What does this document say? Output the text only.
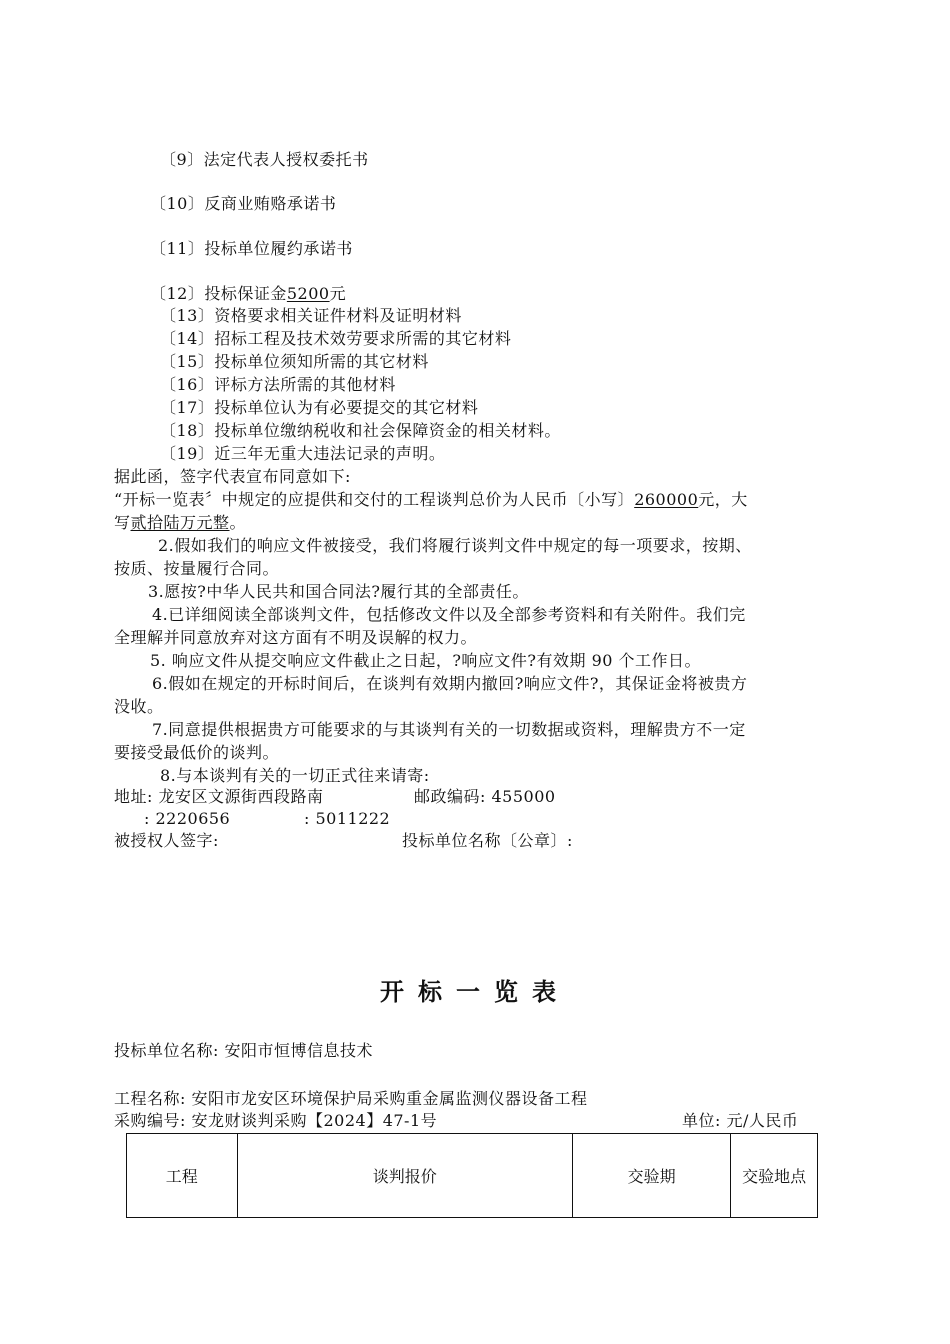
〔9〕法定代表人授权委托书
〔10〕反商业贿赂承诺书
〔11〕投标单位履约承诺书
〔12〕投标保证金5200元
〔13〕资格要求相关证件材料及证明材料
〔14〕招标工程及技术效劳要求所需的其它材料
〔15〕投标单位须知所需的其它材料
〔16〕评标方法所需的其他材料
〔17〕投标单位认为有必要提交的其它材料
〔18〕投标单位缴纳税收和社会保障资金的相关材料。
〔19〕近三年无重大违法记录的声明。
据此函，签字代表宣布同意如下:
“开标一览表〞中规定的应提供和交付的工程谈判总价为人民币〔小写〕260000元，大
写贰拾陆万元整。
2.假如我们的响应文件被接受，我们将履行谈判文件中规定的每一项要求，按期、
按质、按量履行合同。
3.愿按?中华人民共和国合同法?履行其的全部责任。
4.已详细阅读全部谈判文件，包括修改文件以及全部参考资料和有关附件。我们完
全理解并同意放弃对这方面有不明及误解的权力。
5. 响应文件从提交响应文件截止之日起，?响应文件?有效期 90 个工作日。
6.假如在规定的开标时间后，在谈判有效期内撤回?响应文件?，其保证金将被贵方
没收。
7.同意提供根据贵方可能要求的与其谈判有关的一切数据或资料，理解贵方不一定
要接受最低价的谈判。
8.与本谈判有关的一切正式往来请寄:
地址: 龙安区文源街西段路南	邮政编码: 455000
: 2220656	: 5011222
被授权人签字:	投标单位名称〔公章〕:
开标一览表
投标单位名称: 安阳市恒博信息技术
工程名称: 安阳市龙安区环境保护局采购重金属监测仪器设备工程
采购编号: 安龙财谈判采购【2024】47-1号	单位: 元/人民币
工程	谈判报价	交验期	交验地点
